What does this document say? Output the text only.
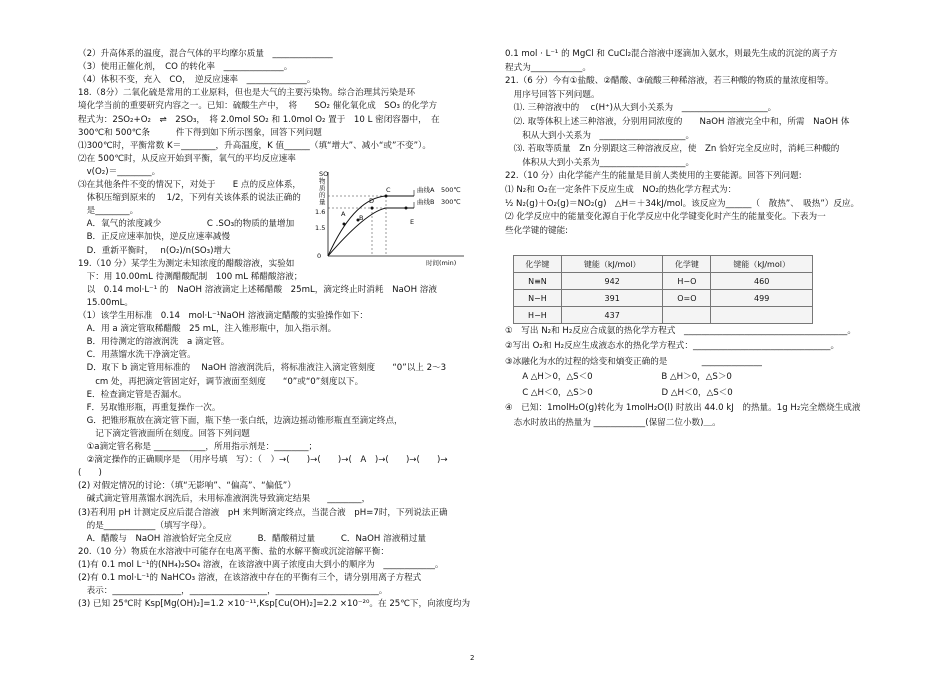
（2）升高体系的温度，混合气体的平均摩尔质量　______________
（3）使用正催化剂，　CO 的转化率　______________。
（4）体积不变，充入　CO，　逆反应速率　______________。
18.（8分）二氧化硫是常用的工业原料，但也是大气的主要污染物。综合治理其污染是环
境化学当前的重要研究内容之一。已知：硫酸生产中，　将　　SO₂ 催化氧化成　SO₃ 的化学方
程式为：2SO₂+O₂　⇌　2SO₃，　将 2.0mol SO₂ 和 1.0mol O₂ 置于　10 L 密闭容器中，　在
300℃和 500℃条　　　件下得到如下所示图象，回答下列问题
⑴300℃时，平衡常数 K＝________，升高温度，K 值______（填“增大”、减小“或”不变”）。
⑵在 500℃时，从反应开始到平衡，氧气的平均反应速率
　v(O₂)＝________。
⑶在其他条件不变的情况下，对处于　　E 点的反应体系，
　体积压缩到原来的　 1/2，下列有关该体系的说法正确的
　是________。
　A．氧气的浓度减少　　　　　 C .SO₃的物质的量增加
　B．正反应速率加快，逆反应速率减慢
　D．重新平衡时，　 n(O₂)/n(SO₃)增大
19.（10 分）某学生为测定未知浓度的醋酸溶液，实验如
　下：用 10.00mL 待测醋酸配制　100 mL 稀醋酸溶液；
　以　0.14 mol·L⁻¹ 的　NaOH 溶液滴定上述稀醋酸　25mL，滴定终止时消耗　NaOH 溶液
　15.00mL。
（1）该学生用标准　0.14　mol·L⁻¹NaOH 溶液滴定醋酸的实验操作如下：
　A．用 a 滴定管取稀醋酸　25 mL，注入锥形瓶中，加入指示剂。
　B．用待测定的溶液润洗　a 滴定管。
　C．用蒸馏水洗干净滴定管。
　D．取下 b 滴定管用标准的　 NaOH 溶液润洗后，将标准液注入滴定管刻度　　“0”以上 2～3
　　cm 处，再把滴定管固定好，调节液面至刻度　　“0”或“0”刻度以下。
　E．检查滴定管是否漏水。
　F．另取锥形瓶，再重复操作一次。
　G．把锥形瓶放在滴定管下面，瓶下垫一张白纸，边滴边摇动锥形瓶直至滴定终点，
　　记下滴定管液面所在刻度。回答下列问题
　①a滴定管名称是 ____________，所用指示剂是：________；
　②滴定操作的正确顺序是　（用序号填　写）：（　）→(　　)→(　　)→(　A　)→(　　)→(　　)→
(　　)
(2) 对假定情况的讨论：（填“无影响”、“偏高”、“偏低”）
　碱式滴定管用蒸馏水润洗后，未用标准液润洗导致滴定结果　　________，
(3)若利用 pH 计测定反应后混合溶液　pH 来判断滴定终点，当混合液　pH=7时，下列说法正确
　的是____________（填写字母）。
　A．醋酸与　NaOH 溶液恰好完全反应　　　B．醋酸稍过量　　　C．NaOH 溶液稍过量
20.（10 分）物质在水溶液中可能存在电离平衡、盐的水解平衡或沉淀溶解平衡：
(1)有 0.1 mol L⁻¹的(NH₄)₂SO₄ 溶液，在该溶液中离子浓度由大到小的顺序为　____________。
(2)有 0.1 mol·L⁻¹的 NaHCO₃ 溶液，在该溶液中存在的平衡有三个，请分别用离子方程式
　表示：________________，__________________，________________________。
(3) 已知 25℃时 Ksp[Mg(OH)₂]=1.2 ×10⁻¹¹,Ksp[Cu(OH)₂]=2.2 ×10⁻²⁰。在 25℃下，向浓度均为
0.1 mol · L⁻¹ 的 MgCl 和 CuCl₂混合溶液中逐滴加入氨水，则最先生成的沉淀的离子方
程式为____________。
21.（6 分）今有①盐酸、②醋酸、③硫酸三种稀溶液，若三种酸的物质的量浓度相等。
　用序号回答下列问题。
　⑴. 三种溶液中的　 c(H⁺)从大到小关系为　____________________。
　⑵. 取等体积上述三种溶液，分别用同浓度的　　NaOH 溶液完全中和，所需　NaOH 体
　　积从大到小关系为　____________________。
　⑶. 若取等质量　Zn 分别跟这三种溶液反应，使　Zn 恰好完全反应时，消耗三种酸的
　　体积从大到小关系为____________________。
22.（10 分）由化学能产生的能量是目前人类使用的主要能源。回答下列问题:
⑴ N₂和 O₂在一定条件下反应生成　NO₂的热化学方程式为：
½ N₂(g)＋O₂(g)＝NO₂(g)　△H＝＋34kJ/mol。该反应为______（　散热”、　吸热”）反应。
⑵ 化学反应中的能量变化源自于化学反应中化学键变化时产生的能量变化。下表为一
些化学键的键能:
①　写出 N₂和 H₂反应合成氨的热化学方程式　______________________________________。
②写出 O₂和 H₂反应生成液态水的热化学方程式：________________________________。
③冰融化为水的过程的焓变和熵变正确的是　　　　______________
　　A △H＞0，△S＜0　　　　　　　　B △H＞0，△S＞0
　　C △H＜0，△S＞0　　　　　　　　D △H＜0，△S＜0
④　已知：1molH₂O(g)转化为 1molH₂O(l) 时放出 44.0 kJ　的热量。1g H₂完全燃烧生成液
　态水时放出的热量为 ____________(保留二位小数)＿。
SO
物
质
的
量
1.6
1.5
0
时间(min)
C
D
B
A
E
曲线A　500℃
曲线B　300℃
化学键	键能（kJ/mol）	化学键	键能（kJ/mol）
N≡N	942	H−O	460
N−H	391	O=O	499
H−H	437		
2
